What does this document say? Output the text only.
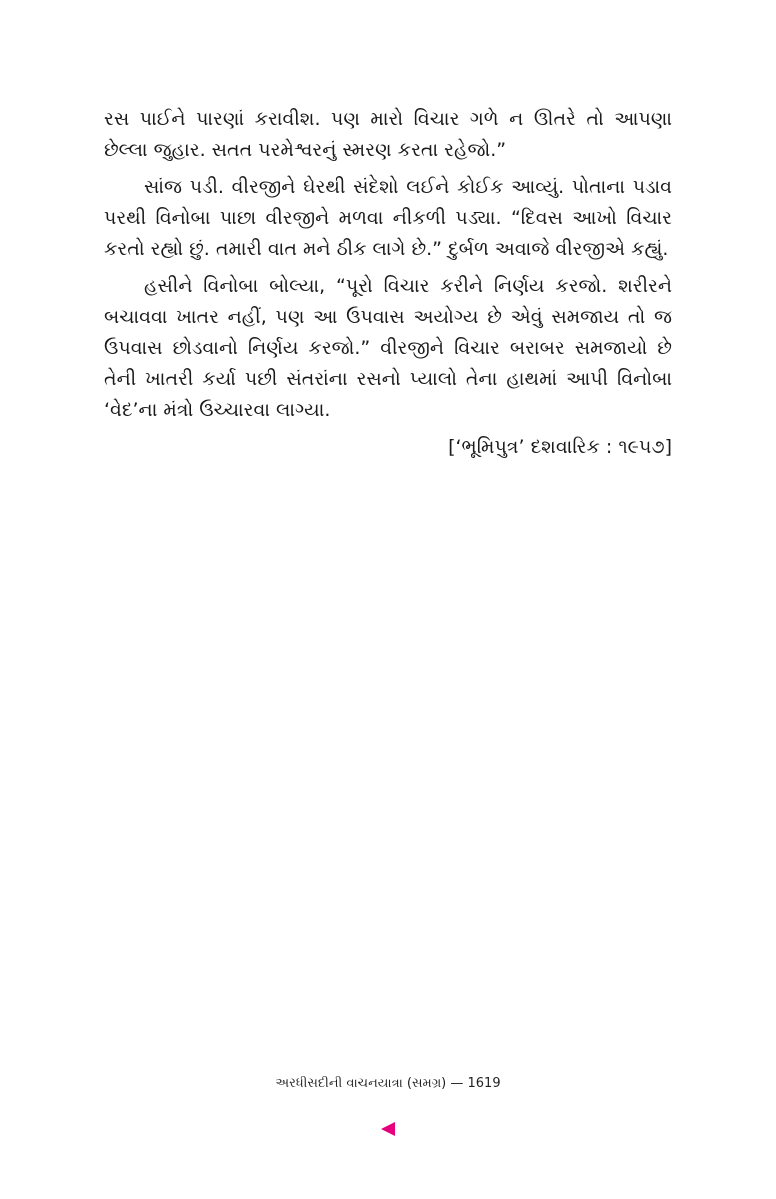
રસ પાઈને પારણાં કરાવીશ. પણ મારો વિચાર ગળે ન ઊતરે તો આપણા છેલ્લા જુહાર. સતત પરમેશ્વરનું સ્મરણ કરતા રહેજો.”

સાંજ પડી. વીરજીને ઘેરથી સંદેશો લઈને કોઈક આવ્યું. પોતાના પડાવ પરથી વિનોબા પાછા વીરજીને મળવા નીકળી પડ્યા. “દિવસ આખો વિચાર કરતો રહ્યો છું. તમારી વાત મને ઠીક લાગે છે.” દુર્બળ અવાજે વીરજીએ કહ્યું.

હસીને વિનોબા બોલ્યા, “પૂરો વિચાર કરીને નિર્ણય કરજો. શરીરને બચાવવા ખાતર નહીં, પણ આ ઉપવાસ અયોગ્ય છે એવું સમજાય તો જ ઉપવાસ છોડવાનો નિર્ણય કરજો.” વીરજીને વિચાર બરાબર સમજાયો છે તેની ખાતરી કર્યા પછી સંતરાંના રસનો પ્યાલો તેના હાથમાં આપી વિનોબા ‘વેદ’ના મંત્રો ઉચ્ચારવા લાગ્યા.

[‘ભૂમિપુત્ર’ દશવારિક : ૧૯૫૭]
અરધીસદીની વાચનયાત્રા (સમગ્ર) — 1619
